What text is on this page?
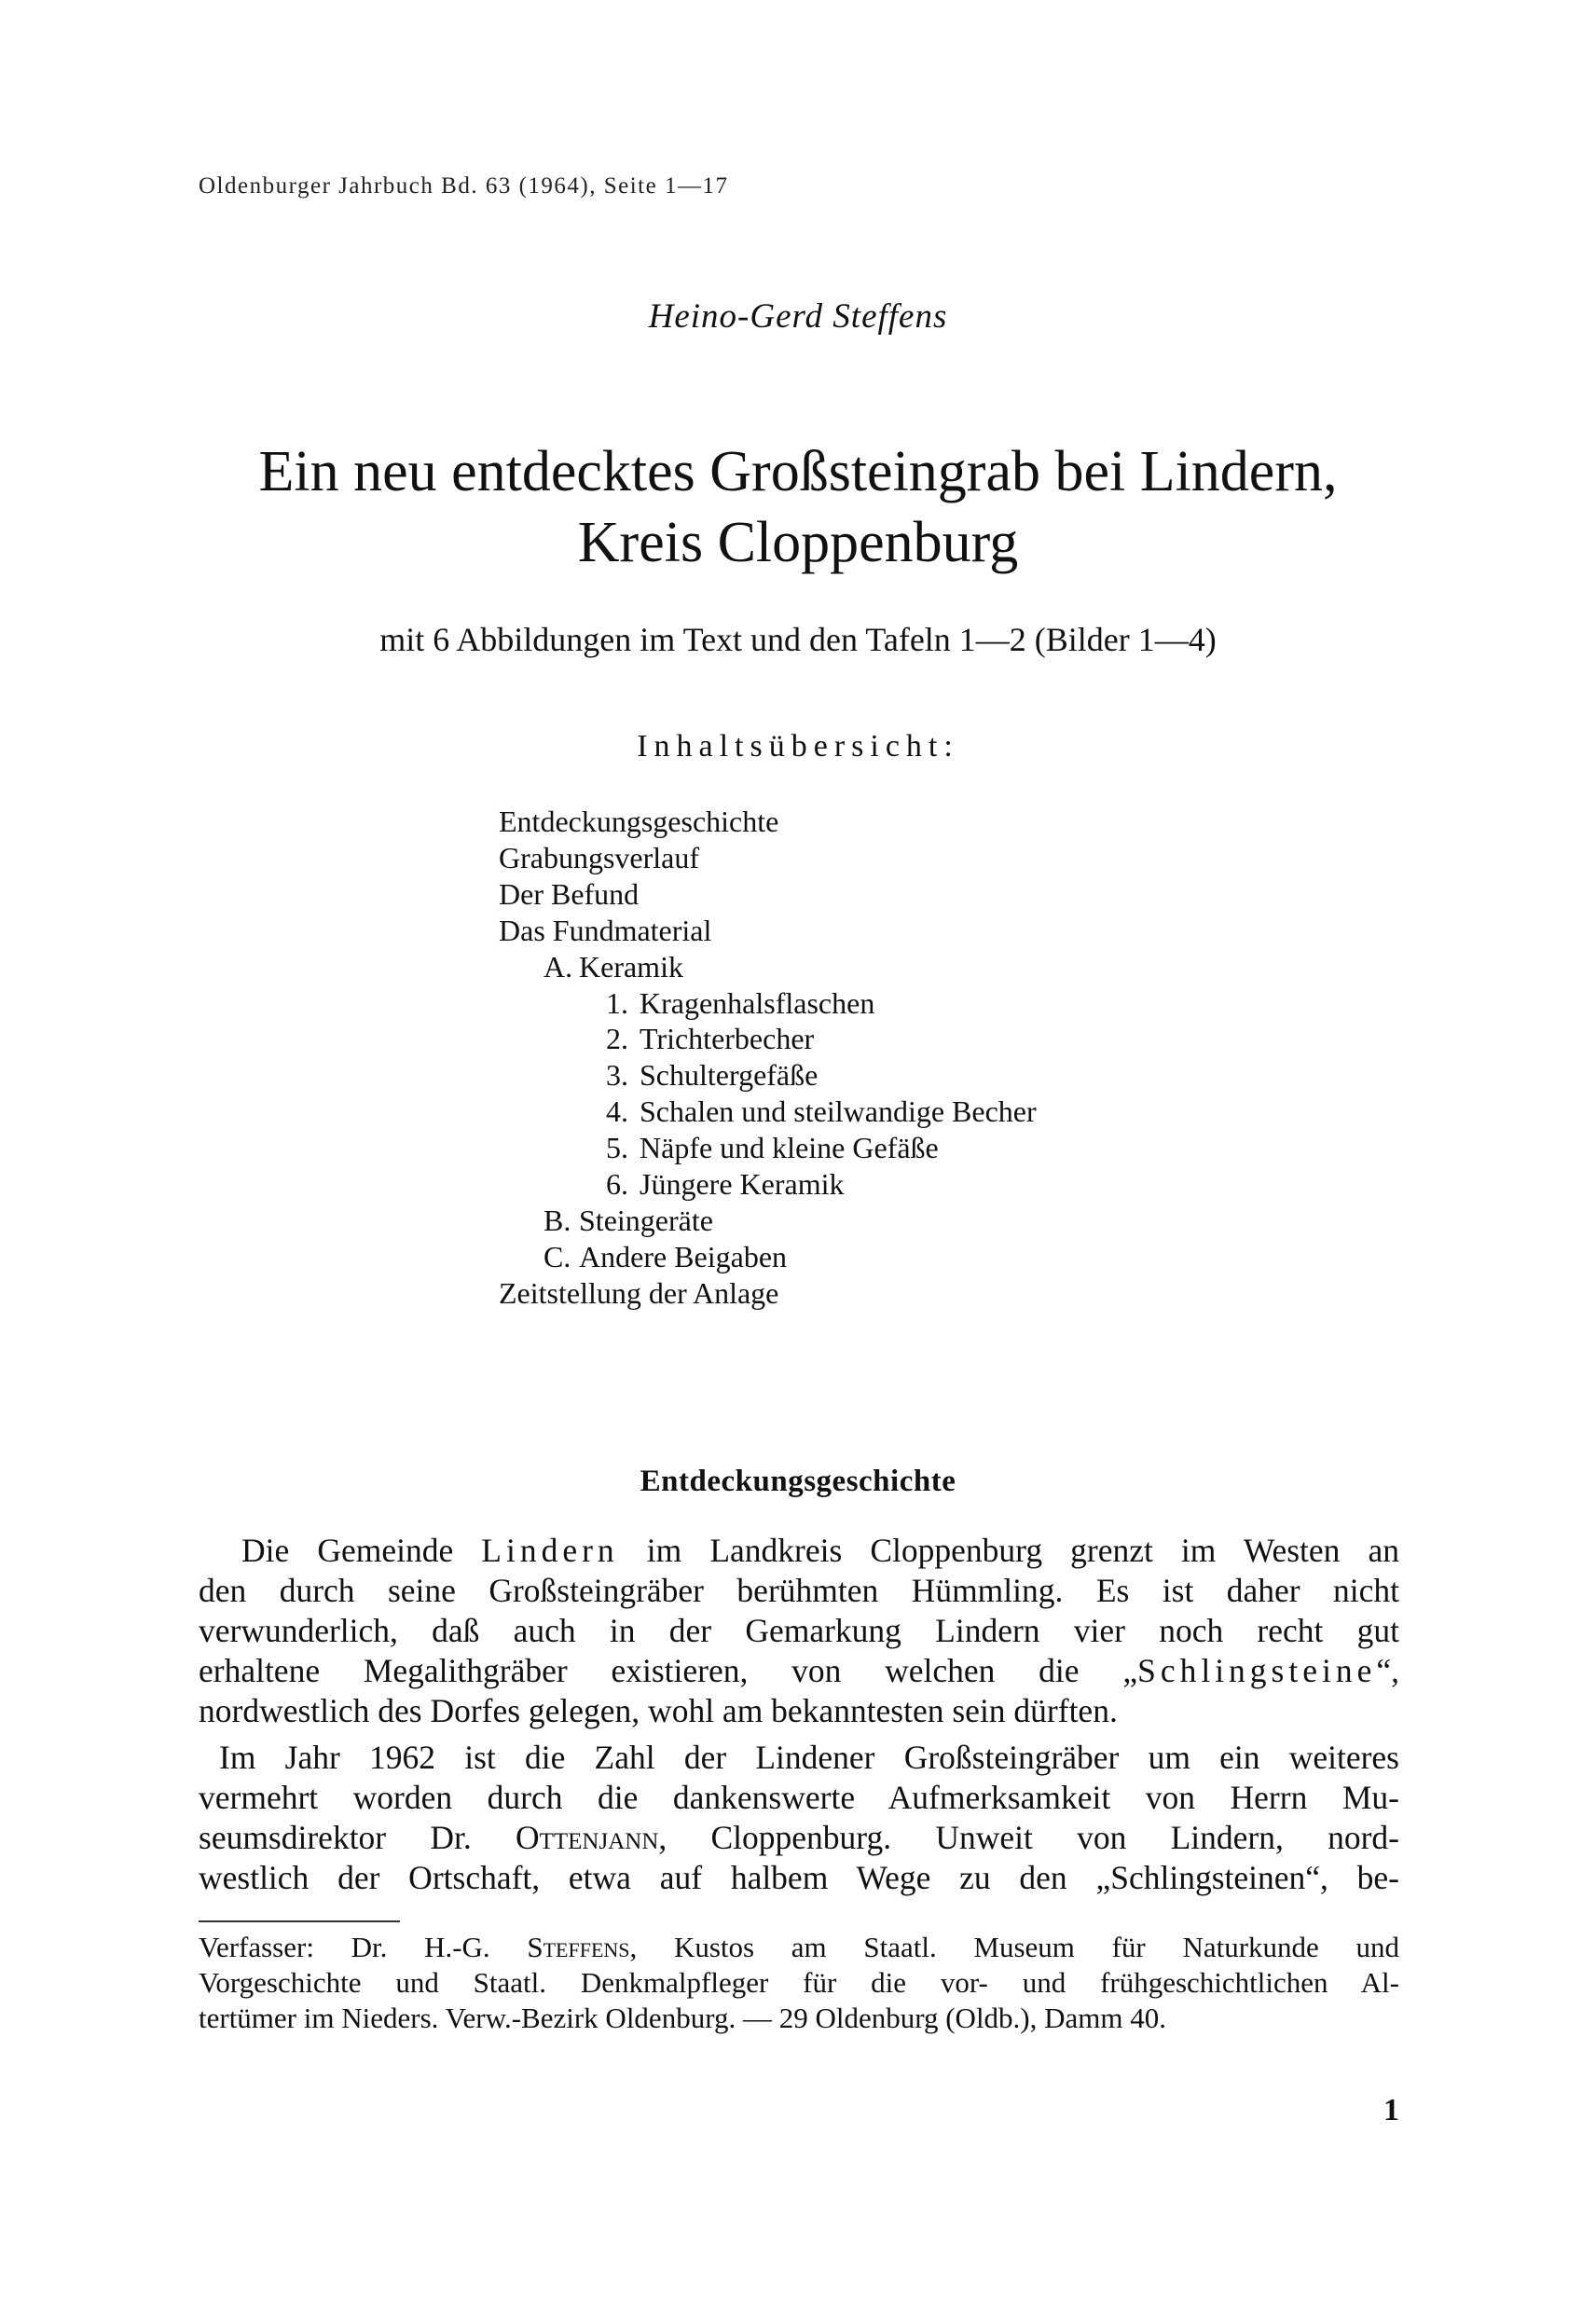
Oldenburger Jahrbuch Bd. 63 (1964), Seite 1—17
Heino-Gerd Steffens
Ein neu entdecktes Großsteingrab bei Lindern,
Kreis Cloppenburg
mit 6 Abbildungen im Text und den Tafeln 1—2 (Bilder 1—4)
Inhaltsübersicht:
Entdeckungsgeschichte
Grabungsverlauf
Der Befund
Das Fundmaterial
A. Keramik
1. Kragenhalsflaschen
2. Trichterbecher
3. Schultergefäße
4. Schalen und steilwandige Becher
5. Näpfe und kleine Gefäße
6. Jüngere Keramik
B. Steingeräte
C. Andere Beigaben
Zeitstellung der Anlage
Entdeckungsgeschichte
Die Gemeinde Lindern im Landkreis Cloppenburg grenzt im Westen an
den durch seine Großsteingräber berühmten Hümmling. Es ist daher nicht
verwunderlich, daß auch in der Gemarkung Lindern vier noch recht gut
erhaltene Megalithgräber existieren, von welchen die „Schlingsteine“,
nordwestlich des Dorfes gelegen, wohl am bekanntesten sein dürften.
Im Jahr 1962 ist die Zahl der Lindener Großsteingräber um ein weiteres
vermehrt worden durch die dankenswerte Aufmerksamkeit von Herrn Mu-
seumsdirektor Dr. Ottenjann, Cloppenburg. Unweit von Lindern, nord-
westlich der Ortschaft, etwa auf halbem Wege zu den „Schlingsteinen“, be-
Verfasser: Dr. H.-G. Steffens, Kustos am Staatl. Museum für Naturkunde und
Vorgeschichte und Staatl. Denkmalpfleger für die vor- und frühgeschichtlichen Al-
tertümer im Nieders. Verw.-Bezirk Oldenburg. — 29 Oldenburg (Oldb.), Damm 40.
1
